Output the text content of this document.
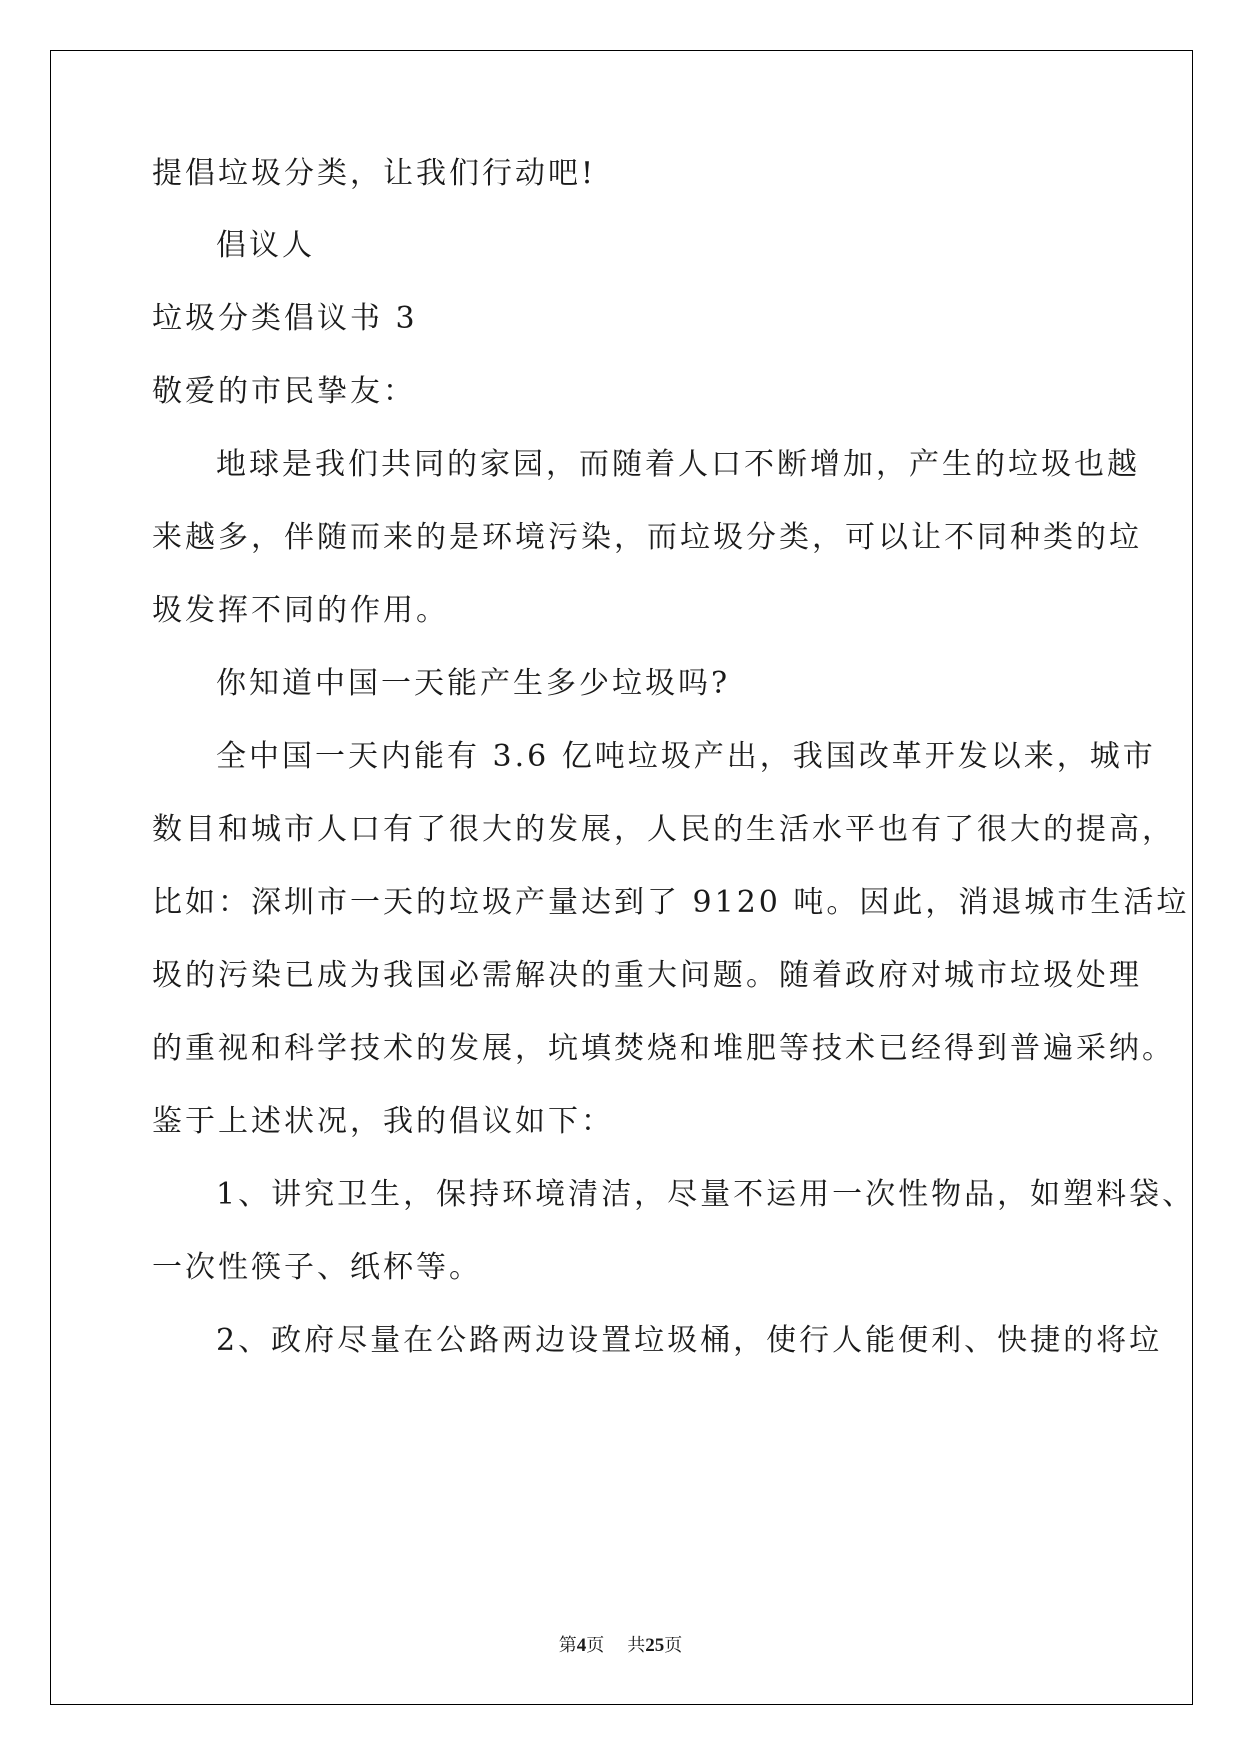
提倡垃圾分类，让我们行动吧!
倡议人
垃圾分类倡议书 3
敬爱的市民挚友：
地球是我们共同的家园，而随着人口不断增加，产生的垃圾也越
来越多，伴随而来的是环境污染，而垃圾分类，可以让不同种类的垃
圾发挥不同的作用。
你知道中国一天能产生多少垃圾吗?
全中国一天内能有 3.6 亿吨垃圾产出，我国改革开发以来，城市
数目和城市人口有了很大的发展，人民的生活水平也有了很大的提高，
比如：深圳市一天的垃圾产量达到了 9120 吨。因此，消退城市生活垃
圾的污染已成为我国必需解决的重大问题。随着政府对城市垃圾处理
的重视和科学技术的发展，坑填焚烧和堆肥等技术已经得到普遍采纳。
鉴于上述状况，我的倡议如下：
1、讲究卫生，保持环境清洁，尽量不运用一次性物品，如塑料袋、
一次性筷子、纸杯等。
2、政府尽量在公路两边设置垃圾桶，使行人能便利、快捷的将垃
第4页 共25页
